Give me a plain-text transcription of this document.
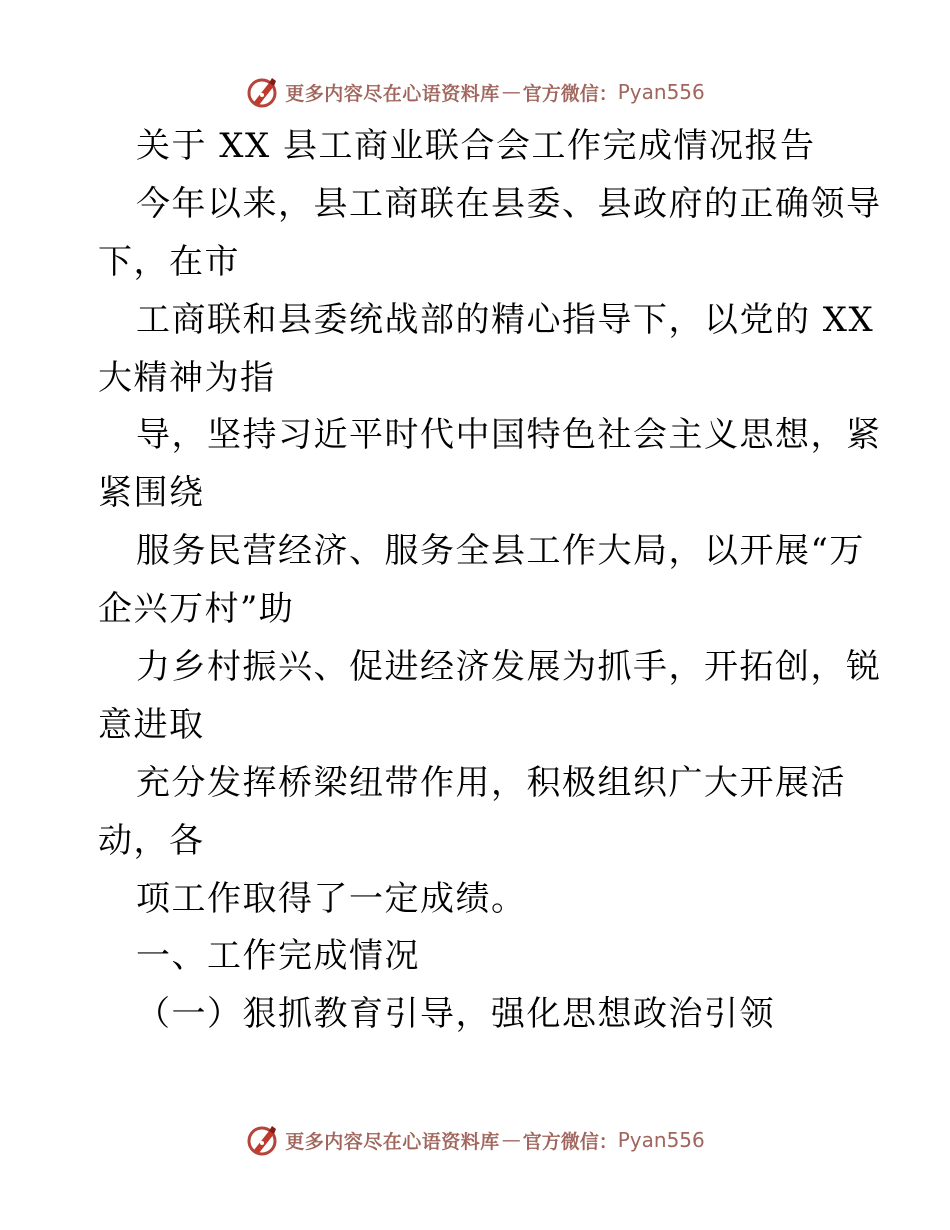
更多内容尽在心语资料库 — 官方微信： Pyan556
关于 XX 县工商业联合会工作完成情况报告
今年以来，县工商联在县委、县政府的正确领导
下，在市
工商联和县委统战部的精心指导下，以党的 XX
大精神为指
导，坚持习近平时代中国特色社会主义思想，紧
紧围绕
服务民营经济、服务全县工作大局，以开展“万
企兴万村”助
力乡村振兴、促进经济发展为抓手，开拓创，锐
意进取
充分发挥桥梁纽带作用，积极组织广大开展活
动，各
项工作取得了一定成绩。
一、工作完成情况
（一）狠抓教育引导，强化思想政治引领
更多内容尽在心语资料库 — 官方微信： Pyan556
